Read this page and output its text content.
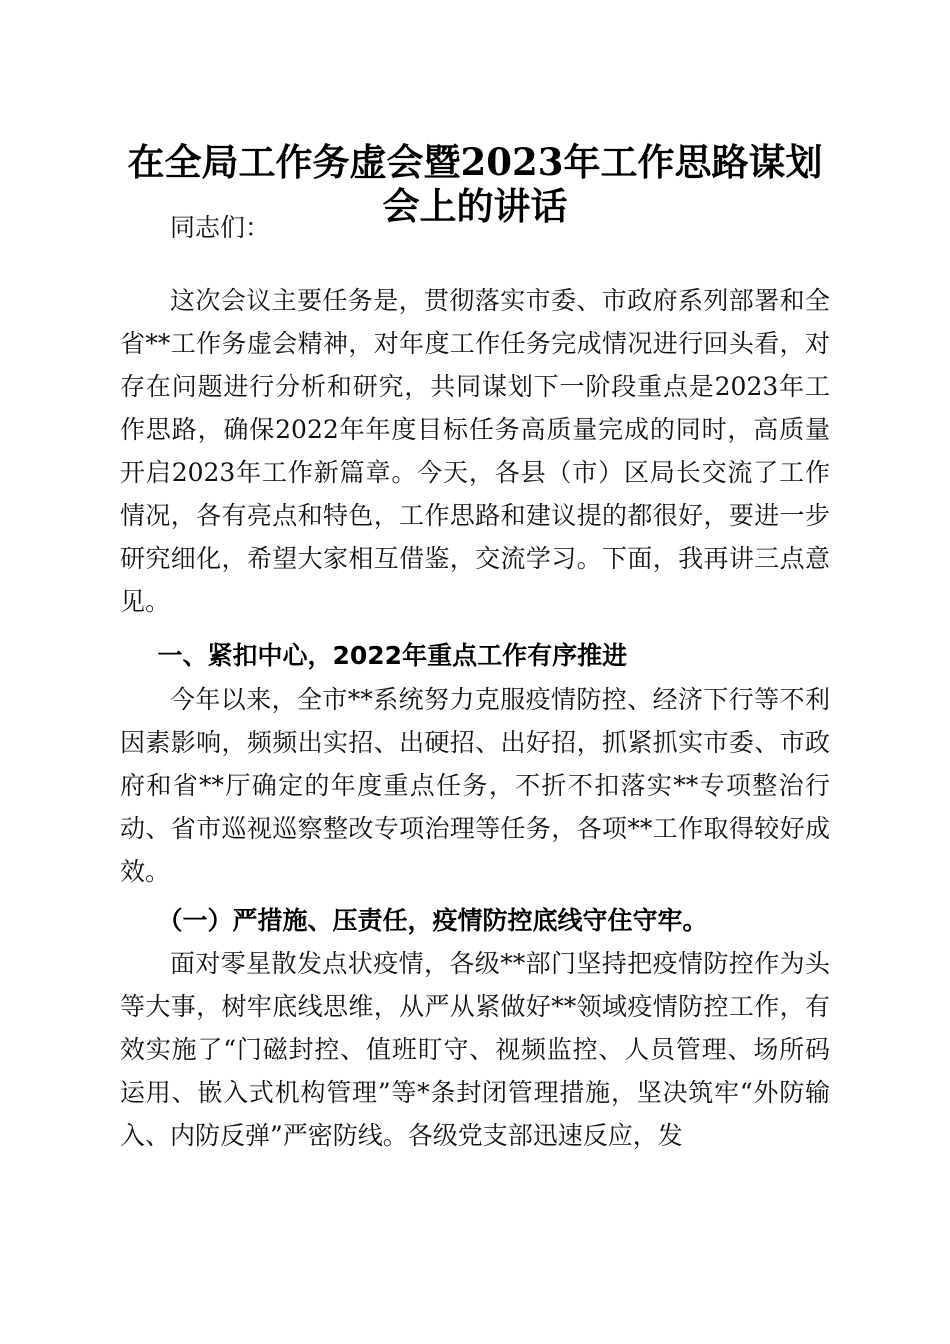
在全局工作务虚会暨2023年工作思路谋划会上的讲话

同志们：

这次会议主要任务是，贯彻落实市委、市政府系列部署和全省**工作务虚会精神，对年度工作任务完成情况进行回头看，对存在问题进行分析和研究，共同谋划下一阶段重点是2023年工作思路，确保2022年年度目标任务高质量完成的同时，高质量开启2023年工作新篇章。今天，各县（市）区局长交流了工作情况，各有亮点和特色，工作思路和建议提的都很好，要进一步研究细化，希望大家相互借鉴，交流学习。下面，我再讲三点意见。

一、紧扣中心，2022年重点工作有序推进

今年以来，全市**系统努力克服疫情防控、经济下行等不利因素影响，频频出实招、出硬招、出好招，抓紧抓实市委、市政府和省**厅确定的年度重点任务，不折不扣落实**专项整治行动、省市巡视巡察整改专项治理等任务，各项**工作取得较好成效。

（一）严措施、压责任，疫情防控底线守住守牢。

面对零星散发点状疫情，各级**部门坚持把疫情防控作为头等大事，树牢底线思维，从严从紧做好**领域疫情防控工作，有效实施了“门磁封控、值班盯守、视频监控、人员管理、场所码运用、嵌入式机构管理”等*条封闭管理措施，坚决筑牢“外防输入、内防反弹”严密防线。各级党支部迅速反应，发
